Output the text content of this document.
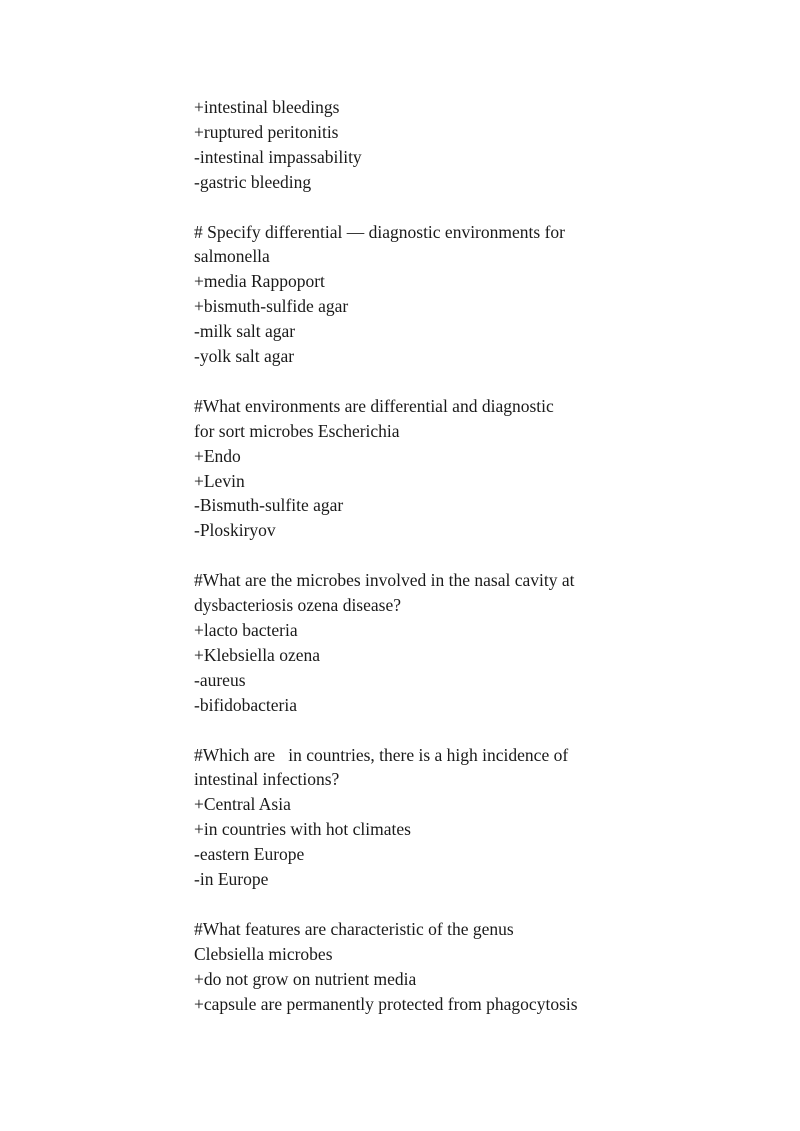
+intestinal bleedings
+ruptured peritonitis
-intestinal impassability
-gastric bleeding
# Specify differential — diagnostic environments for
salmonella
+media Rappoport
+bismuth-sulfide agar
-milk salt agar
-yolk salt agar
#What environments are differential and diagnostic
for sort microbes Escherichia
+Endo
+Levin
-Bismuth-sulfite agar
-Ploskiryov
#What are the microbes involved in the nasal cavity at
dysbacteriosis ozena disease?
+lacto bacteria
+Klebsiella ozena
-aureus
-bifidobacteria
#Which are   in countries, there is a high incidence of
intestinal infections?
+Central Asia
+in countries with hot climates
-eastern Europe
-in Europe
#What features are characteristic of the genus
Clebsiella microbes
+do not grow on nutrient media
+capsule are permanently protected from phagocytosis
